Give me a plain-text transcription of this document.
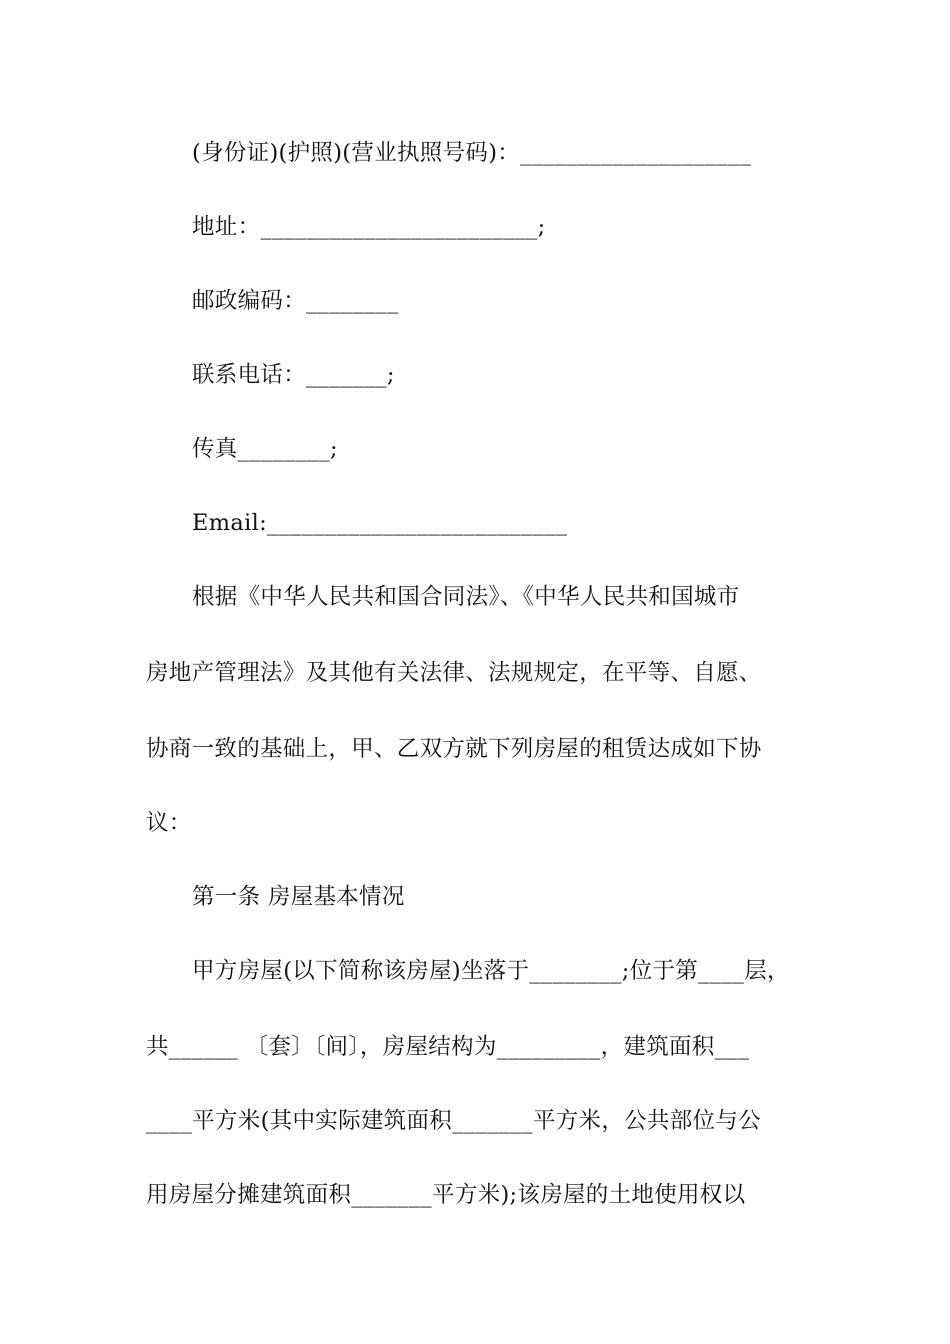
(身份证)(护照)(营业执照号码)：____________________
地址：________________________;
邮政编码：________
联系电话：_______;
传真________;
Email:__________________________
根据《中华人民共和国合同法》、《中华人民共和国城市
房地产管理法》及其他有关法律、法规规定，在平等、自愿、
协商一致的基础上，甲、乙双方就下列房屋的租赁达成如下协
议：
第一条 房屋基本情况
甲方房屋(以下简称该房屋)坐落于________;位于第____层，
共______ 〔套〕〔间〕，房屋结构为_________，建筑面积___
____平方米(其中实际建筑面积_______平方米，公共部位与公
用房屋分摊建筑面积_______平方米);该房屋的土地使用权以
